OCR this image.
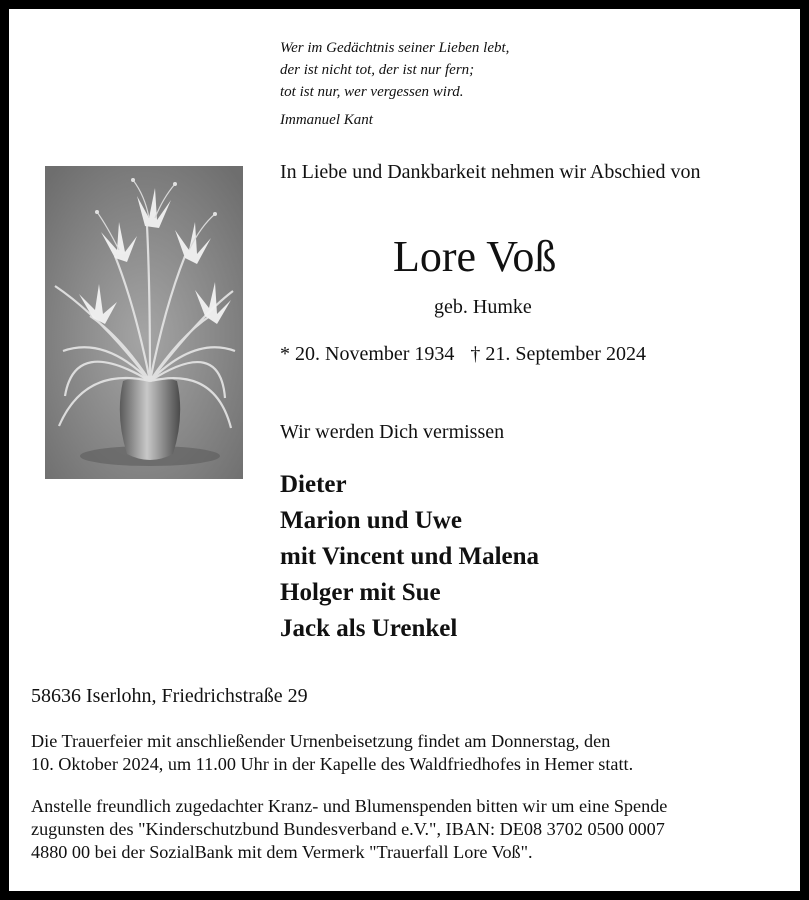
Wer im Gedächtnis seiner Lieben lebt,
der ist nicht tot, der ist nur fern;
tot ist nur, wer vergessen wird.
Immanuel Kant
In Liebe und Dankbarkeit nehmen wir Abschied von
Lore Voß
geb. Humke
* 20. November 1934 † 21. September 2024
Wir werden Dich vermissen
Dieter
Marion und Uwe
mit Vincent und Malena
Holger mit Sue
Jack als Urenkel
58636 Iserlohn, Friedrichstraße 29
Die Trauerfeier mit anschließender Urnenbeisetzung findet am Donnerstag, den
10. Oktober 2024, um 11.00 Uhr in der Kapelle des Waldfriedhofes in Hemer statt.
Anstelle freundlich zugedachter Kranz- und Blumenspenden bitten wir um eine Spende
zugunsten des "Kinderschutzbund Bundesverband e.V.", IBAN: DE08 3702 0500 0007
4880 00 bei der SozialBank mit dem Vermerk "Trauerfall Lore Voß".
